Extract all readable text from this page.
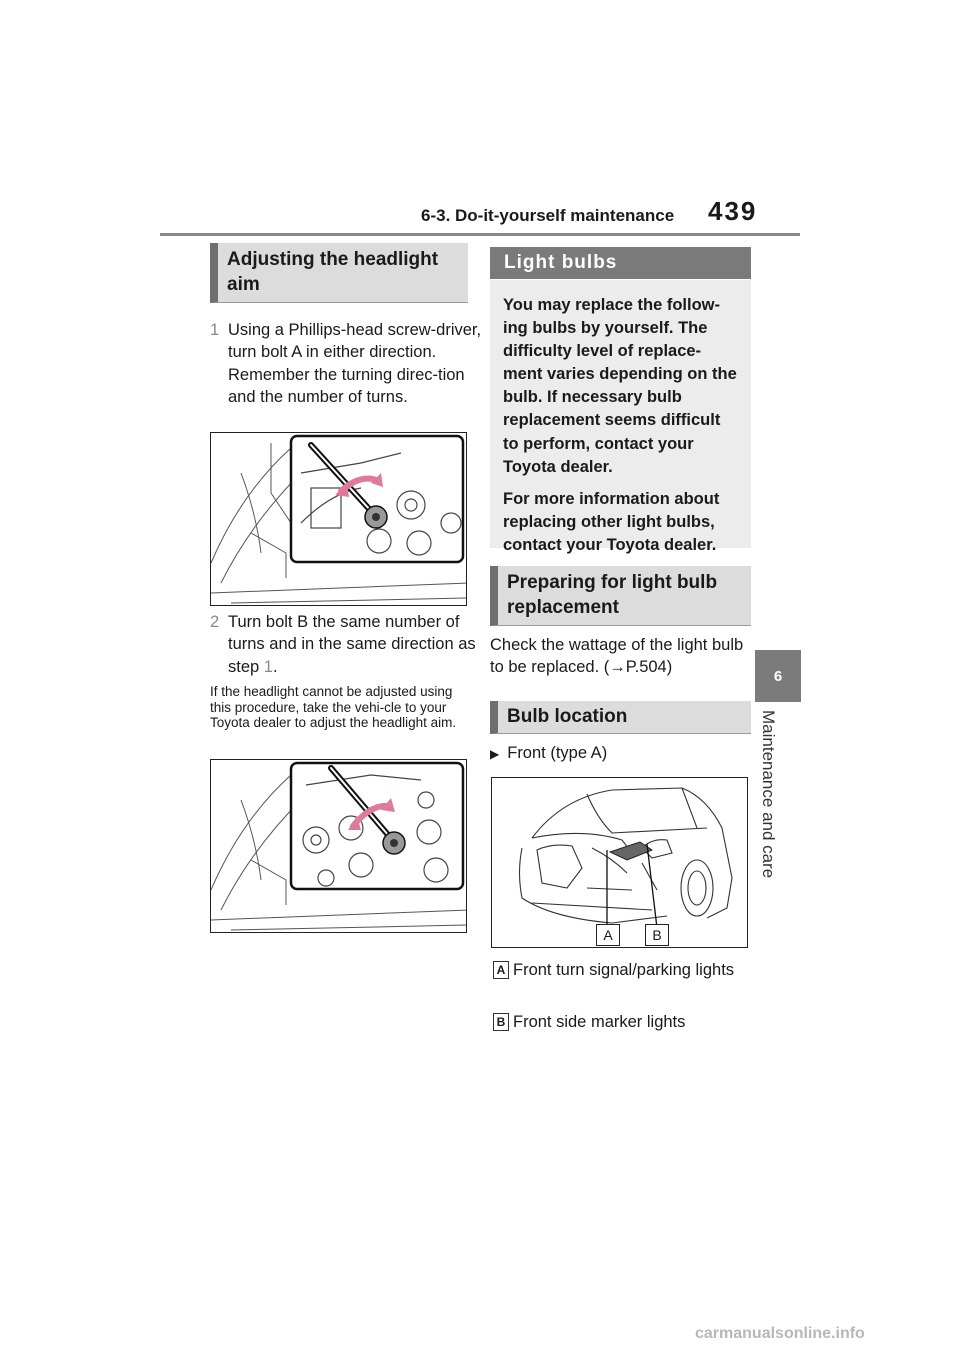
6-3. Do-it-yourself maintenance 439
6
Maintenance and care
Adjusting the headlight aim
1 Using a Phillips-head screw-driver, turn bolt A in either direction.
Remember the turning direc-tion and the number of turns.
2 Turn bolt B the same number of turns and in the same direction as step 1.
If the headlight cannot be adjusted using this procedure, take the vehi-cle to your Toyota dealer to adjust the headlight aim.
Light bulbs

You may replace the follow-ing bulbs by yourself. The difficulty level of replace-ment varies depending on the bulb. If necessary bulb replacement seems difficult to perform, contact your Toyota dealer.

For more information about replacing other light bulbs, contact your Toyota dealer.

Preparing for light bulb replacement
Check the wattage of the light bulb to be replaced. (→P.504)
Bulb location
▶ Front (type A)
A	B
A Front turn signal/parking lights
B Front side marker lights
carmanualsonline.info
